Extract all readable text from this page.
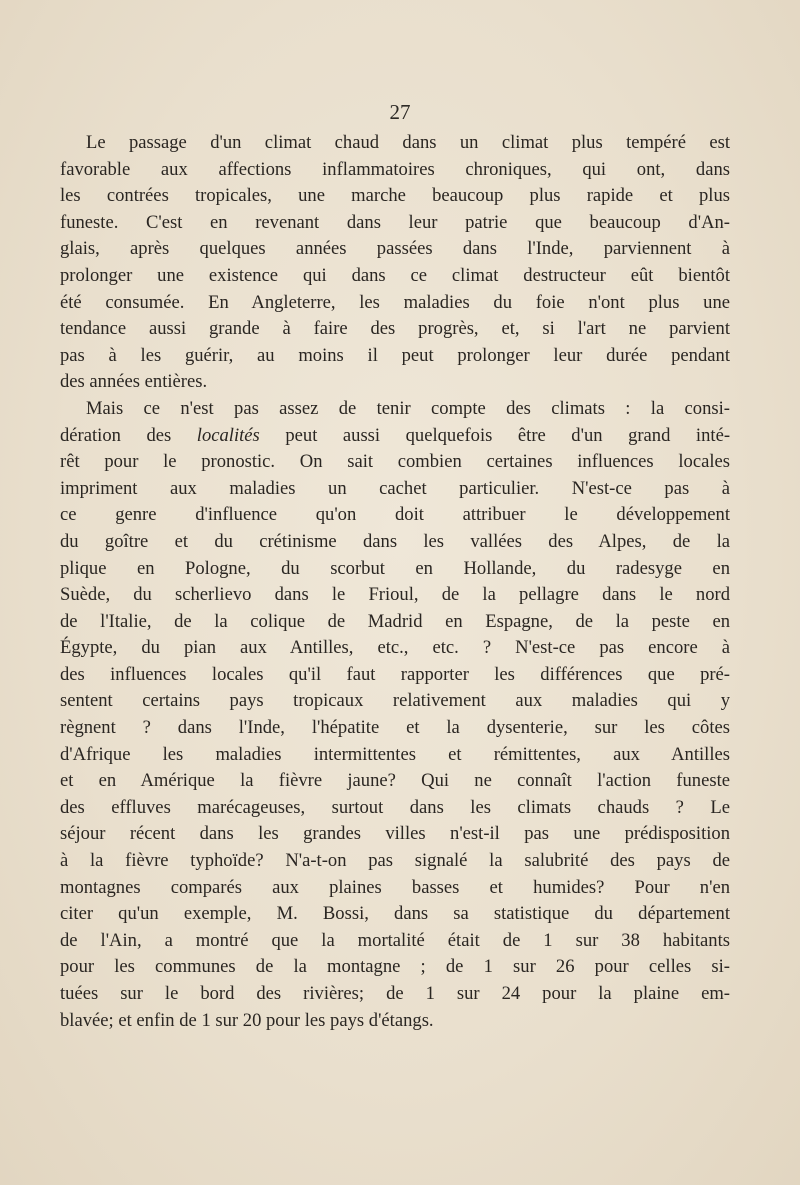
27
Le passage d'un climat chaud dans un climat plus tempéré est
favorable aux affections inflammatoires chroniques, qui ont, dans
les contrées tropicales, une marche beaucoup plus rapide et plus
funeste. C'est en revenant dans leur patrie que beaucoup d'An-
glais, après quelques années passées dans l'Inde, parviennent à
prolonger une existence qui dans ce climat destructeur eût bientôt
été consumée. En Angleterre, les maladies du foie n'ont plus une
tendance aussi grande à faire des progrès, et, si l'art ne parvient
pas à les guérir, au moins il peut prolonger leur durée pendant
des années entières.
Mais ce n'est pas assez de tenir compte des climats : la consi-
dération des localités peut aussi quelquefois être d'un grand inté-
rêt pour le pronostic. On sait combien certaines influences locales
impriment aux maladies un cachet particulier. N'est-ce pas à
ce genre d'influence qu'on doit attribuer le développement
du goître et du crétinisme dans les vallées des Alpes, de la
plique en Pologne, du scorbut en Hollande, du radesyge en
Suède, du scherlievo dans le Frioul, de la pellagre dans le nord
de l'Italie, de la colique de Madrid en Espagne, de la peste en
Égypte, du pian aux Antilles, etc., etc. ? N'est-ce pas encore à
des influences locales qu'il faut rapporter les différences que pré-
sentent certains pays tropicaux relativement aux maladies qui y
règnent ? dans l'Inde, l'hépatite et la dysenterie, sur les côtes
d'Afrique les maladies intermittentes et rémittentes, aux Antilles
et en Amérique la fièvre jaune? Qui ne connaît l'action funeste
des effluves marécageuses, surtout dans les climats chauds ? Le
séjour récent dans les grandes villes n'est-il pas une prédisposition
à la fièvre typhoïde? N'a-t-on pas signalé la salubrité des pays de
montagnes comparés aux plaines basses et humides? Pour n'en
citer qu'un exemple, M. Bossi, dans sa statistique du département
de l'Ain, a montré que la mortalité était de 1 sur 38 habitants
pour les communes de la montagne ; de 1 sur 26 pour celles si-
tuées sur le bord des rivières; de 1 sur 24 pour la plaine em-
blavée; et enfin de 1 sur 20 pour les pays d'étangs.
